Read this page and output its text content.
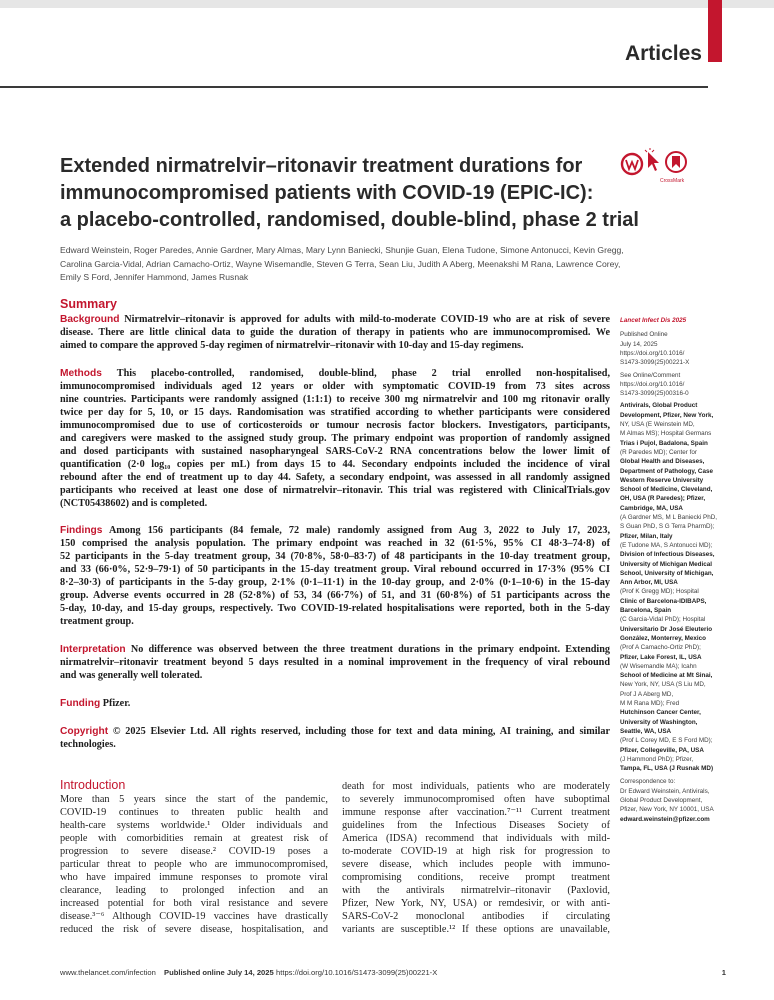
Articles
Extended nirmatrelvir–ritonavir treatment durations for
immunocompromised patients with COVID-19 (EPIC-IC):
a placebo-controlled, randomised, double-blind, phase 2 trial
CrossMark
Edward Weinstein, Roger Paredes, Annie Gardner, Mary Almas, Mary Lynn Baniecki, Shunjie Guan, Elena Tudone, Simone Antonucci, Kevin Gregg,
Carolina Garcia-Vidal, Adrian Camacho-Ortiz, Wayne Wisemandle, Steven G Terra, Sean Liu, Judith A Aberg, Meenakshi M Rana, Lawrence Corey,
Emily S Ford, Jennifer Hammond, James Rusnak
Summary
Background Nirmatrelvir–ritonavir is approved for adults with mild-to-moderate COVID-19 who are at risk of severe
disease. There are little clinical data to guide the duration of therapy in patients who are immunocompromised. We
aimed to compare the approved 5-day regimen of nirmatrelvir–ritonavir with 10-day and 15-day regimens.
Methods This placebo-controlled, randomised, double-blind, phase 2 trial enrolled non-hospitalised,
immunocompromised individuals aged 12 years or older with symptomatic COVID-19 from 73 sites across
nine countries. Participants were randomly assigned (1:1:1) to receive 300 mg nirmatrelvir and 100 mg ritonavir orally
twice per day for 5, 10, or 15 days. Randomisation was stratified according to whether participants were considered
immunocompromised due to use of corticosteroids or tumour necrosis factor blockers. Investigators, participants,
and caregivers were masked to the assigned study group. The primary endpoint was proportion of randomly assigned
and dosed participants with sustained nasopharyngeal SARS-CoV-2 RNA concentrations below the lower limit of
quantification (2·0 log₁₀ copies per mL) from days 15 to 44. Secondary endpoints included the incidence of viral
rebound after the end of treatment up to day 44. Safety, a secondary endpoint, was assessed in all randomly assigned
participants who received at least one dose of nirmatrelvir–ritonavir. This trial was registered with ClinicalTrials.gov
(NCT05438602) and is completed.
Findings Among 156 participants (84 female, 72 male) randomly assigned from Aug 3, 2022 to July 17, 2023,
150 comprised the analysis population. The primary endpoint was reached in 32 (61·5%, 95% CI 48·3–74·8) of
52 participants in the 5-day treatment group, 34 (70·8%, 58·0–83·7) of 48 participants in the 10-day treatment group,
and 33 (66·0%, 52·9–79·1) of 50 participants in the 15-day treatment group. Viral rebound occurred in 17·3% (95% CI
8·2–30·3) of participants in the 5-day group, 2·1% (0·1–11·1) in the 10-day group, and 2·0% (0·1–10·6) in the 15-day
group. Adverse events occurred in 28 (52·8%) of 53, 34 (66·7%) of 51, and 31 (60·8%) of 51 participants across the
5-day, 10-day, and 15-day groups, respectively. Two COVID-19-related hospitalisations were reported, both in the 5-day
treatment group.
Interpretation No difference was observed between the three treatment durations in the primary endpoint. Extending
nirmatrelvir–ritonavir treatment beyond 5 days resulted in a nominal improvement in the frequency of viral rebound
and was generally well tolerated.
Funding Pfizer.
Copyright © 2025 Elsevier Ltd. All rights reserved, including those for text and data mining, AI training, and similar
technologies.
Introduction
More than 5 years since the start of the pandemic,
COVID-19 continues to threaten public health and
health-care systems worldwide.¹ Older individuals and
people with comorbidities remain at greatest risk of
progression to severe disease.² COVID-19 poses a
particular threat to people who are immunocompromised,
who have impaired immune responses to promote viral
clearance, leading to prolonged infection and an
increased potential for both viral resistance and severe
disease.³⁻⁶ Although COVID-19 vaccines have drastically
reduced the risk of severe disease, hospitalisation, and
death for most individuals, patients who are moderately
to severely immunocompromised often have suboptimal
immune response after vaccination.⁷⁻¹¹ Current treatment
guidelines from the Infectious Diseases Society of
America (IDSA) recommend that individuals with mild-
to-moderate COVID-19 at high risk for progression to
severe disease, which includes people with immuno-
compromising conditions, receive prompt treatment
with the antivirals nirmatrelvir–ritonavir (Paxlovid,
Pfizer, New York, NY, USA) or remdesivir, or with anti-
SARS-CoV-2 monoclonal antibodies if circulating
variants are susceptible.¹² If these options are unavailable,
Lancet Infect Dis 2025
Published Online
July 14, 2025
https://doi.org/10.1016/
S1473-3099(25)00221-X
See Online/Comment
https://doi.org/10.1016/
S1473-3099(25)00316-0
Antivirals, Global Product
Development, Pfizer, New York,
NY, USA (E Weinstein MD,
M Almas MS); Hospital Germans
Trias i Pujol, Badalona, Spain
(R Paredes MD); Center for
Global Health and Diseases,
Department of Pathology, Case
Western Reserve University
School of Medicine, Cleveland,
OH, USA (R Paredes); Pfizer,
Cambridge, MA, USA
(A Gardner MS, M L Baniecki PhD,
S Guan PhD, S G Terra PharmD);
Pfizer, Milan, Italy
(E Tudone MA, S Antonucci MD);
Division of Infectious Diseases,
University of Michigan Medical
School, University of Michigan,
Ann Arbor, MI, USA
(Prof K Gregg MD); Hospital
Clinic of Barcelona-IDIBAPS,
Barcelona, Spain
(C Garcia-Vidal PhD); Hospital
Universitario Dr José Eleuterio
González, Monterrey, Mexico
(Prof A Camacho-Ortiz PhD);
Pfizer, Lake Forest, IL, USA
(W Wisemandle MA); Icahn
School of Medicine at Mt Sinai,
New York, NY, USA (S Liu MD,
Prof J A Aberg MD,
M M Rana MD); Fred
Hutchinson Cancer Center,
University of Washington,
Seattle, WA, USA
(Prof L Corey MD, E S Ford MD);
Pfizer, Collegeville, PA, USA
(J Hammond PhD); Pfizer,
Tampa, FL, USA (J Rusnak MD)
Correspondence to:
Dr Edward Weinstein, Antivirals,
Global Product Development,
Pfizer, New York, NY 10001, USA
edward.weinstein@pfizer.com
www.thelancet.com/infection Published online July 14, 2025 https://doi.org/10.1016/S1473-3099(25)00221-X	1
